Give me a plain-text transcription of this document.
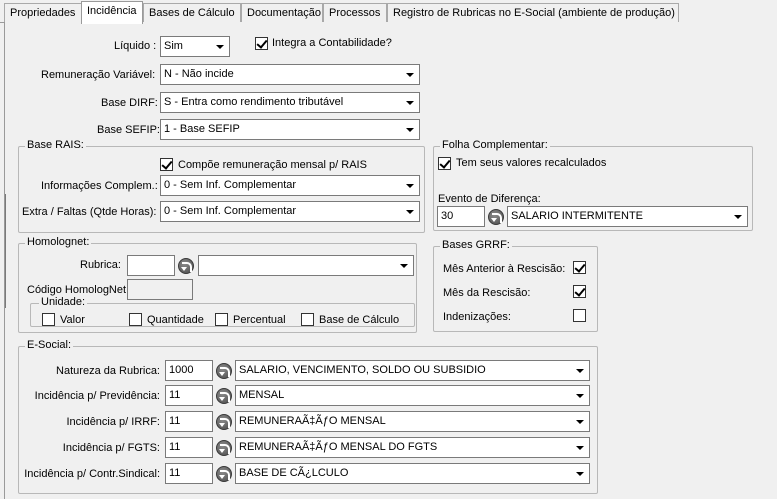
Propriedades	Incidência	Bases de Cálculo	Documentação Processos	Registro de Rubricas no E-Social (ambiente de produção)
Líquido : Sim	Integra a Contabilidade?
Remuneração Variável: N - Não incide
Base DIRF: S - Entra como rendimento tributável
Base SEFIP: 1 - Base SEFIP
Base RAIS:
Compõe remuneração mensal p/ RAIS
Informações Complem.: 0 - Sem Inf. Complementar
Extra / Faltas (Qtde Horas): 0 - Sem Inf. Complementar
Folha Complementar:
Tem seus valores recalculados
Evento de Diferença:
30	SALARIO INTERMITENTE
Homolognet:
Rubrica:
Código HomologNet
Unidade:
Valor	Quantidade	Percentual	Base de Cálculo
Bases GRRF:
Mês Anterior à Rescisão:
Mês da Rescisão:
Indenizações:
E-Social:
Natureza da Rubrica: 1000	SALARIO, VENCIMENTO, SOLDO OU SUBSIDIO
Incidência p/ Previdência: 11	MENSAL
Incidência p/ IRRF: 11	REMUNERAÃ‡ÃƒO MENSAL
Incidência p/ FGTS: 11	REMUNERAÃ‡ÃƒO MENSAL DO FGTS
Incidência p/ Contr.Sindical: 11	BASE DE CÃ¿LCULO
